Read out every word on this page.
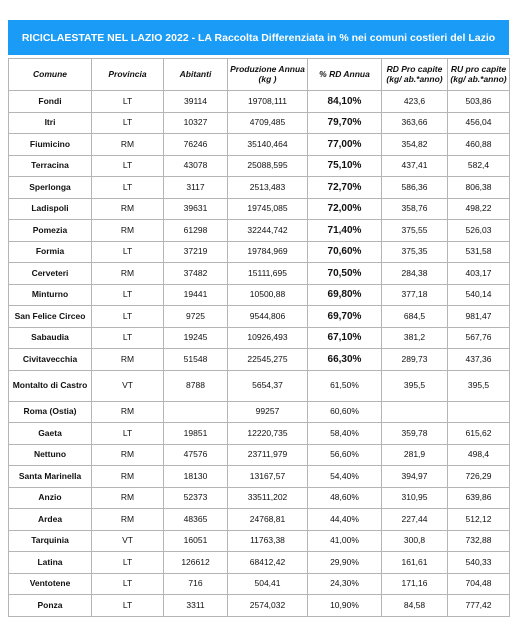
RICICLAESTATE NEL LAZIO 2022 - LA Raccolta Differenziata in % nei comuni costieri del Lazio
Comune	Provincia	Abitanti	Produzione Annua (kg )	% RD Annua	RD Pro capite (kg/ ab.*anno)	RU pro capite (kg/ ab.*anno)
Fondi	LT	39114	19708,111	84,10%	423,6	503,86
Itri	LT	10327	4709,485	79,70%	363,66	456,04
Fiumicino	RM	76246	35140,464	77,00%	354,82	460,88
Terracina	LT	43078	25088,595	75,10%	437,41	582,4
Sperlonga	LT	3117	2513,483	72,70%	586,36	806,38
Ladispoli	RM	39631	19745,085	72,00%	358,76	498,22
Pomezia	RM	61298	32244,742	71,40%	375,55	526,03
Formia	LT	37219	19784,969	70,60%	375,35	531,58
Cerveteri	RM	37482	15111,695	70,50%	284,38	403,17
Minturno	LT	19441	10500,88	69,80%	377,18	540,14
San Felice Circeo	LT	9725	9544,806	69,70%	684,5	981,47
Sabaudia	LT	19245	10926,493	67,10%	381,2	567,76
Civitavecchia	RM	51548	22545,275	66,30%	289,73	437,36
Montalto di Castro	VT	8788	5654,37	61,50%	395,5	395,5
Roma (Ostia)	RM		99257	60,60%		
Gaeta	LT	19851	12220,735	58,40%	359,78	615,62
Nettuno	RM	47576	23711,979	56,60%	281,9	498,4
Santa Marinella	RM	18130	13167,57	54,40%	394,97	726,29
Anzio	RM	52373	33511,202	48,60%	310,95	639,86
Ardea	RM	48365	24768,81	44,40%	227,44	512,12
Tarquinia	VT	16051	11763,38	41,00%	300,8	732,88
Latina	LT	126612	68412,42	29,90%	161,61	540,33
Ventotene	LT	716	504,41	24,30%	171,16	704,48
Ponza	LT	3311	2574,032	10,90%	84,58	777,42
